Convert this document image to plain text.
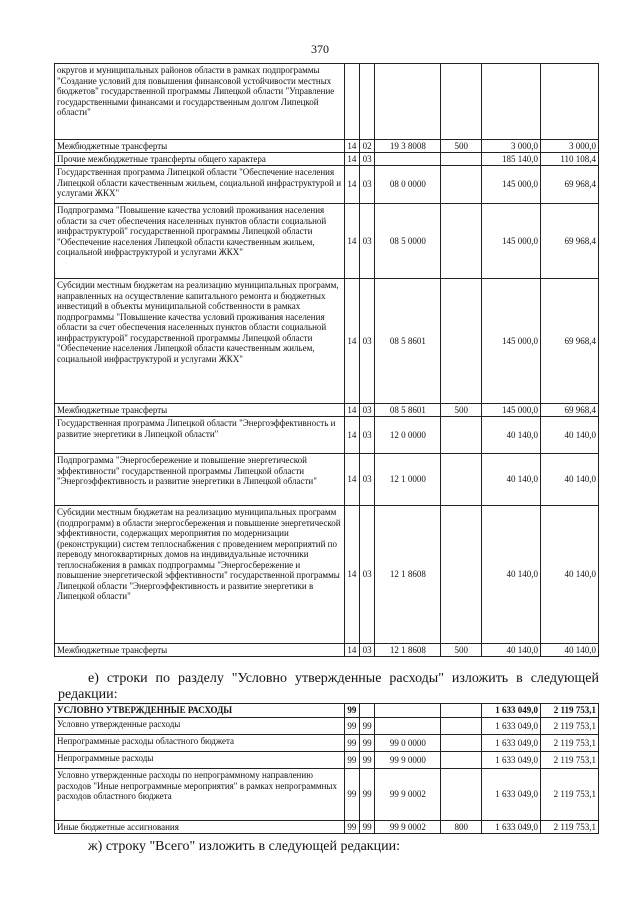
370
округов и муниципальных районов области в рамках подпрограммы "Создание условий для повышения финансовой устойчивости местных бюджетов" государственной программы Липецкой области "Управление государственными финансами и государственным долгом Липецкой области"						
Межбюджетные трансферты	14	02	19 3 8008	500	3 000,0	3 000,0
Прочие межбюджетные трансферты общего характера	14	03			185 140,0	110 108,4
Государственная программа Липецкой области "Обеспечение населения Липецкой области качественным жильем, социальной инфраструктурой и услугами ЖКХ"	14	03	08 0 0000		145 000,0	69 968,4
Подпрограмма "Повышение качества условий проживания населения области за счет обеспечения населенных пунктов области социальной инфраструктурой" государственной программы Липецкой области "Обеспечение населения Липецкой области качественным жильем, социальной инфраструктурой и услугами ЖКХ"	14	03	08 5 0000		145 000,0	69 968,4
Субсидии местным бюджетам на реализацию муниципальных программ, направленных на осуществление капитального ремонта и бюджетных инвестиций в объекты муниципальной собственности в рамках подпрограммы "Повышение качества условий проживания населения области за счет обеспечения населенных пунктов области социальной инфраструктурой" государственной программы Липецкой области "Обеспечение населения Липецкой области качественным жильем, социальной инфраструктурой и услугами ЖКХ"	14	03	08 5 8601		145 000,0	69 968,4
Межбюджетные трансферты	14	03	08 5 8601	500	145 000,0	69 968,4
Государственная программа Липецкой области "Энергоэффективность и развитие энергетики в Липецкой области"	14	03	12 0 0000		40 140,0	40 140,0
Подпрограмма "Энергосбережение и повышение энергетической эффективности" государственной программы Липецкой области "Энергоэффективность и развитие энергетики в Липецкой области"	14	03	12 1 0000		40 140,0	40 140,0
Субсидии местным бюджетам на реализацию муниципальных программ (подпрограмм) в области энергосбережения и повышение энергетической эффективности, содержащих мероприятия по модернизации (реконструкции) систем теплоснабжения с проведением мероприятий по переводу многоквартирных домов на индивидуальные источники теплоснабжения в рамках подпрограммы "Энергосбережение и повышение энергетической эффективности" государственной программы Липецкой области "Энергоэффективность и развитие энергетики в Липецкой области"	14	03	12 1 8608		40 140,0	40 140,0
Межбюджетные трансферты	14	03	12 1 8608	500	40 140,0	40 140,0
е) строки по разделу "Условно утвержденные расходы" изложить в следующей редакции:
УСЛОВНО УТВЕРЖДЕННЫЕ РАСХОДЫ	99				1 633 049,0	2 119 753,1
Условно утвержденные расходы	99	99			1 633 049,0	2 119 753,1
Непрограммные расходы областного бюджета	99	99	99 0 0000		1 633 049,0	2 119 753,1
Непрограммные расходы	99	99	99 9 0000		1 633 049,0	2 119 753,1
Условно утвержденные расходы по непрограммному направлению расходов "Иные непрограммные мероприятия" в рамках непрограммных расходов областного бюджета	99	99	99 9 0002		1 633 049,0	2 119 753,1
Иные бюджетные ассигнования	99	99	99 9 0002	800	1 633 049,0	2 119 753,1
ж) строку "Всего" изложить в следующей редакции:
